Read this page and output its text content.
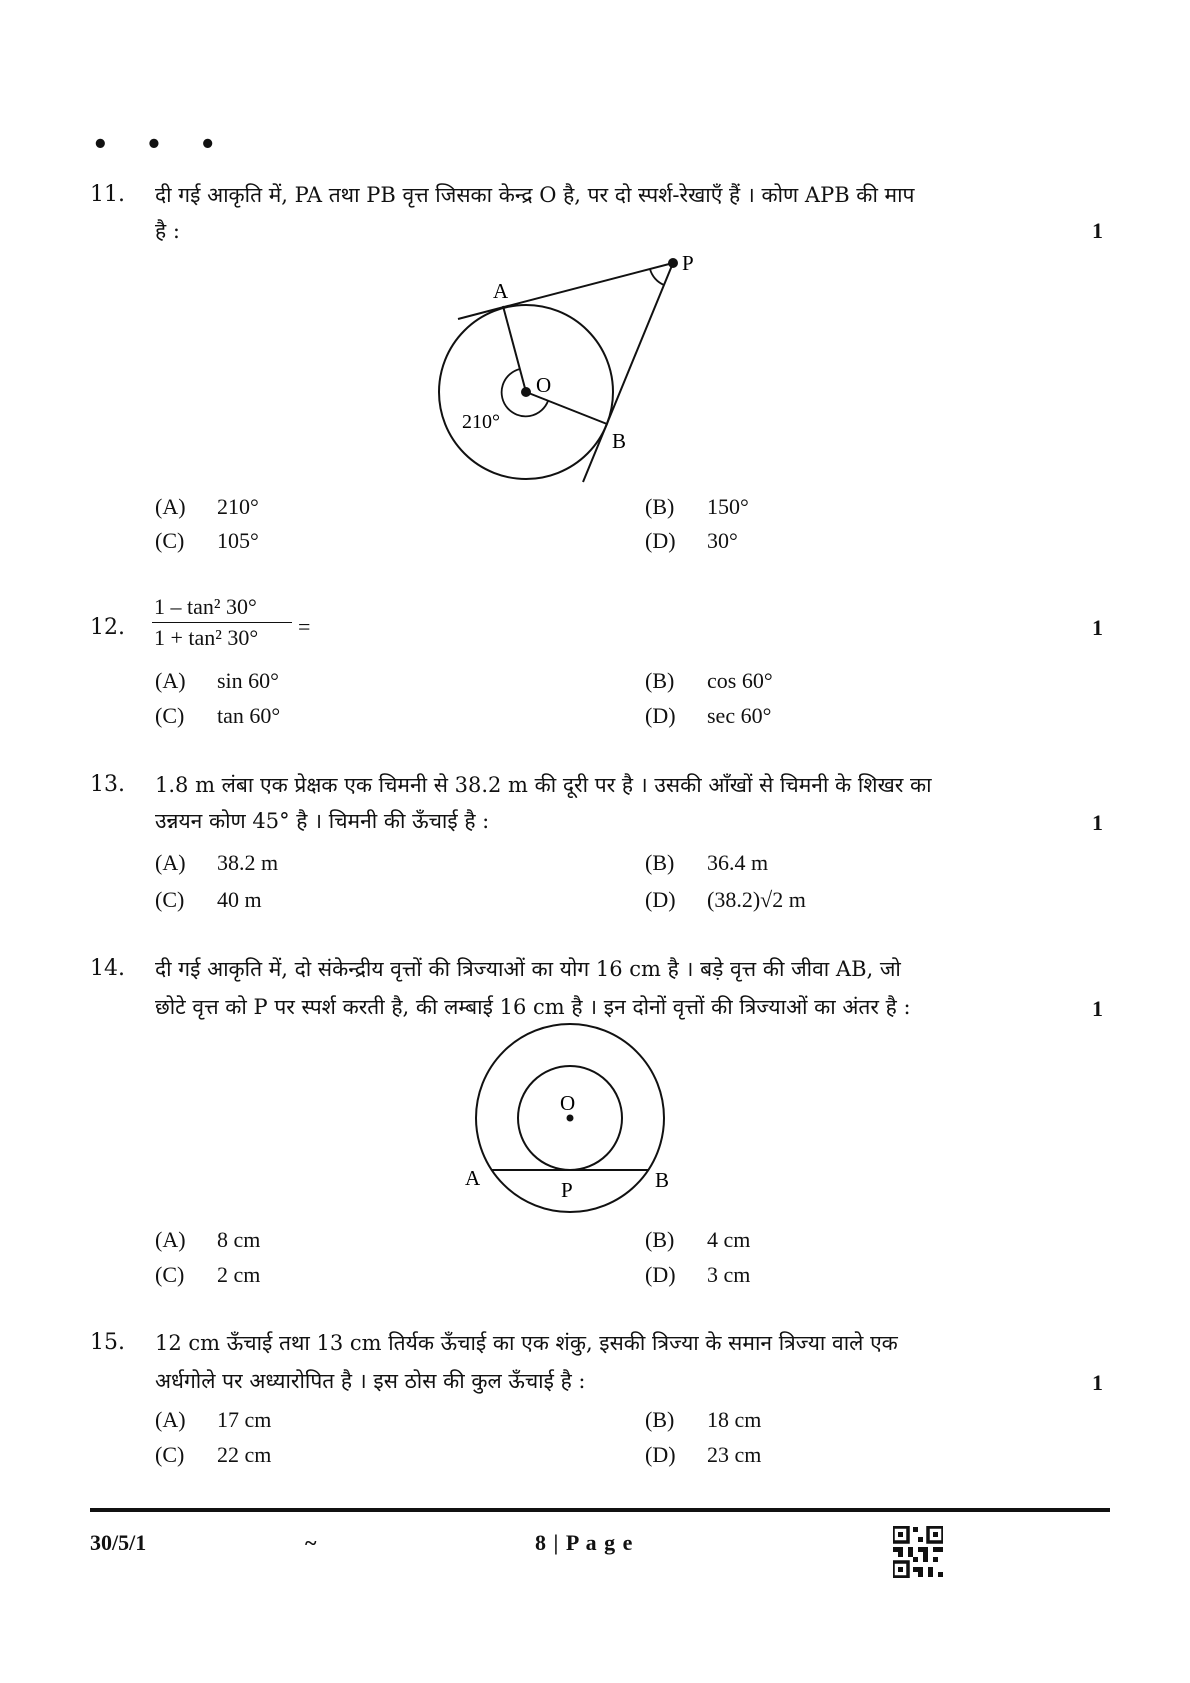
• • •
11. दी गई आकृति में, PA तथा PB वृत्त जिसका केन्द्र O है, पर दो स्पर्श-रेखाएँ हैं । कोण APB की माप
है :	1
A
P
O
B
210°
(A) 210°	(B) 150°
(C) 105°	(D) 30°
12.
1 – tan² 30°
1 + tan² 30°	=	1
(A) sin 60°	(B) cos 60°
(C) tan 60°	(D) sec 60°
13. 1.8 m लंबा एक प्रेक्षक एक चिमनी से 38.2 m की दूरी पर है । उसकी आँखों से चिमनी के शिखर का
उन्नयन कोण 45° है । चिमनी की ऊँचाई है :	1
(A) 38.2 m	(B) 36.4 m
(C) 40 m	(D) (38.2)√2 m
14. दी गई आकृति में, दो संकेन्द्रीय वृत्तों की त्रिज्याओं का योग 16 cm है । बड़े वृत्त की जीवा AB, जो
छोटे वृत्त को P पर स्पर्श करती है, की लम्बाई 16 cm है । इन दोनों वृत्तों की त्रिज्याओं का अंतर है :	1
O
A	B
P
(A) 8 cm	(B) 4 cm
(C) 2 cm	(D) 3 cm
15. 12 cm ऊँचाई तथा 13 cm तिर्यक ऊँचाई का एक शंकु, इसकी त्रिज्या के समान त्रिज्या वाले एक
अर्धगोले पर अध्यारोपित है । इस ठोस की कुल ऊँचाई है :	1
(A) 17 cm	(B) 18 cm
(C) 22 cm	(D) 23 cm
30/5/1	~	8 | P a g e
